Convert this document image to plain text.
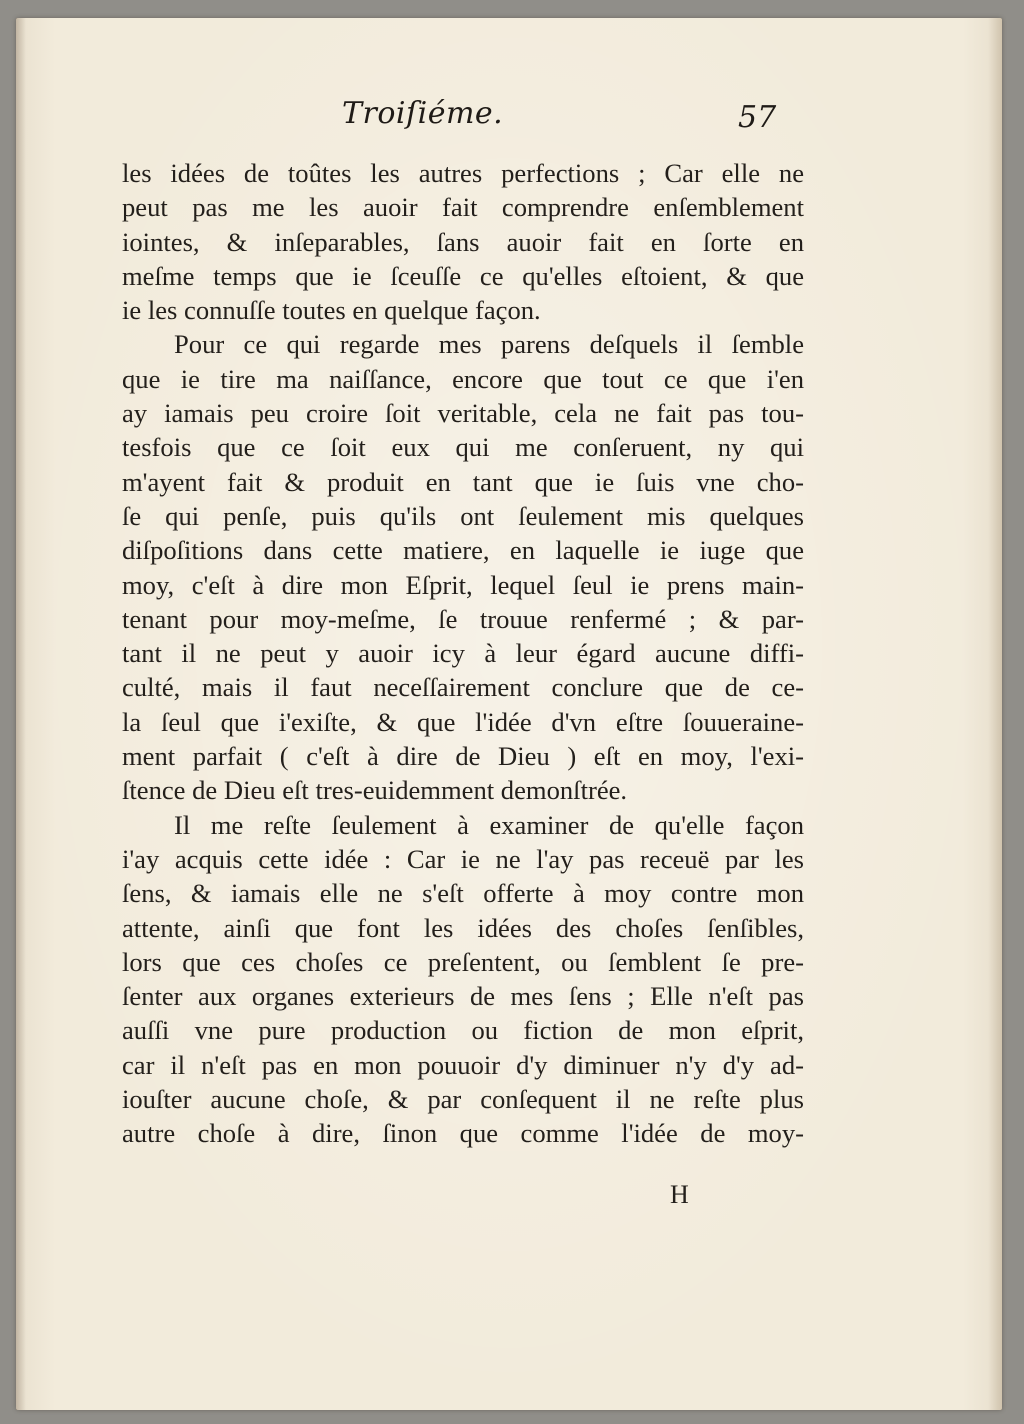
Troiſiéme.	57
les idées de toûtes les autres perfections ; Car elle ne
peut pas me les auoir fait comprendre enſemblement
iointes, & inſeparables, ſans auoir fait en ſorte en
meſme temps que ie ſceuſſe ce qu'elles eſtoient, & que
ie les connuſſe toutes en quelque façon.
Pour ce qui regarde mes parens deſquels il ſemble
que ie tire ma naiſſance, encore que tout ce que i'en
ay iamais peu croire ſoit veritable, cela ne fait pas tou-
tesfois que ce ſoit eux qui me conſeruent, ny qui
m'ayent fait & produit en tant que ie ſuis vne cho-
ſe qui penſe, puis qu'ils ont ſeulement mis quelques
diſpoſitions dans cette matiere, en laquelle ie iuge que
moy, c'eſt à dire mon Eſprit, lequel ſeul ie prens main-
tenant pour moy-meſme, ſe trouue renfermé ; & par-
tant il ne peut y auoir icy à leur égard aucune diffi-
culté, mais il faut neceſſairement conclure que de ce-
la ſeul que i'exiſte, & que l'idée d'vn eſtre ſouueraine-
ment parfait ( c'eſt à dire de Dieu ) eſt en moy, l'exi-
ſtence de Dieu eſt tres-euidemment demonſtrée.
Il me reſte ſeulement à examiner de qu'elle façon
i'ay acquis cette idée : Car ie ne l'ay pas receuë par les
ſens, & iamais elle ne s'eſt offerte à moy contre mon
attente, ainſi que font les idées des choſes ſenſibles,
lors que ces choſes ce preſentent, ou ſemblent ſe pre-
ſenter aux organes exterieurs de mes ſens ; Elle n'eſt pas
auſſi vne pure production ou fiction de mon eſprit,
car il n'eſt pas en mon pouuoir d'y diminuer n'y d'y ad-
iouſter aucune choſe, & par conſequent il ne reſte plus
autre choſe à dire, ſinon que comme l'idée de moy-
H
